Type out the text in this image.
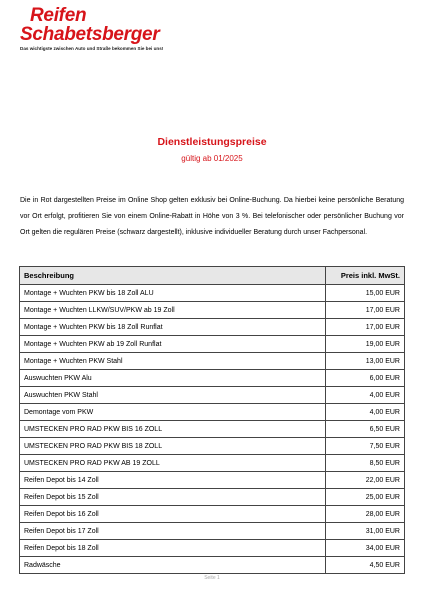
Reifen
Schabetsberger
Das wichtigste zwischen Auto und Straße bekommen Sie bei uns!
Dienstleistungspreise
gültig ab 01/2025
Die in Rot dargestellten Preise im Online Shop gelten exklusiv bei Online-Buchung. Da hierbei keine persönliche Beratung vor Ort erfolgt, profitieren Sie von einem Online-Rabatt in Höhe von 3 %. Bei telefonischer oder persönlicher Buchung vor Ort gelten die regulären Preise (schwarz dargestellt), inklusive individueller Beratung durch unser Fachpersonal.
Beschreibung	Preis inkl. MwSt.
Montage + Wuchten PKW bis 18 Zoll ALU	15,00 EUR
Montage + Wuchten LLKW/SUV/PKW ab 19 Zoll	17,00 EUR
Montage + Wuchten PKW bis 18 Zoll Runflat	17,00 EUR
Montage + Wuchten PKW ab 19 Zoll Runflat	19,00 EUR
Montage + Wuchten PKW Stahl	13,00 EUR
Auswuchten PKW Alu	6,00 EUR
Auswuchten PKW Stahl	4,00 EUR
Demontage vom PKW	4,00 EUR
UMSTECKEN PRO RAD PKW BIS 16 ZOLL	6,50 EUR
UMSTECKEN PRO RAD PKW BIS 18 ZOLL	7,50 EUR
UMSTECKEN PRO RAD PKW AB 19 ZOLL	8,50 EUR
Reifen Depot bis 14 Zoll	22,00 EUR
Reifen Depot bis 15 Zoll	25,00 EUR
Reifen Depot bis 16 Zoll	28,00 EUR
Reifen Depot bis 17 Zoll	31,00 EUR
Reifen Depot bis 18 Zoll	34,00 EUR
Radwäsche	4,50 EUR
Seite 1
